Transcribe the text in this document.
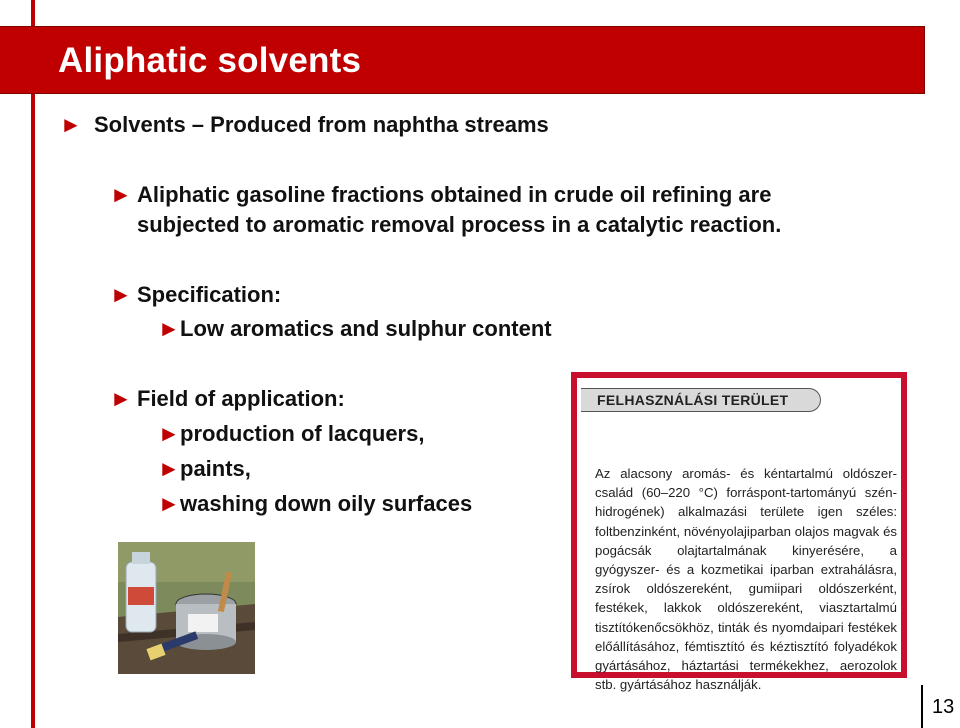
Aliphatic solvents
► Solvents – Produced from naphtha streams
► Aliphatic gasoline fractions obtained in crude oil refining are
subjected to aromatic removal process in a catalytic reaction.
► Specification:
►Low aromatics and sulphur content
► Field of application:
►production of lacquers,
►paints,
►washing down oily surfaces
FELHASZNÁLÁSI TERÜLET
Az alacsony aromás- és kéntartalmú oldószer-család (60–220 °C) forráspont-tartományú szén-hidrogének) alkalmazási területe igen széles: foltbenzinként, növényolajiparban olajos magvak és pogácsák olajtartalmának kinyerésére, a gyógyszer- és a kozmetikai iparban extrahálásra, zsírok oldószereként, gumiipari oldószerként, festékek, lakkok oldószereként, viasztartalmú tisztítókenőcsökhöz, tinták és nyomdaipari festékek előállításához, fémtisztító és kéztisztító folyadékok gyártásához, háztartási termékekhez, aerozolok stb. gyártásához használják.
13
